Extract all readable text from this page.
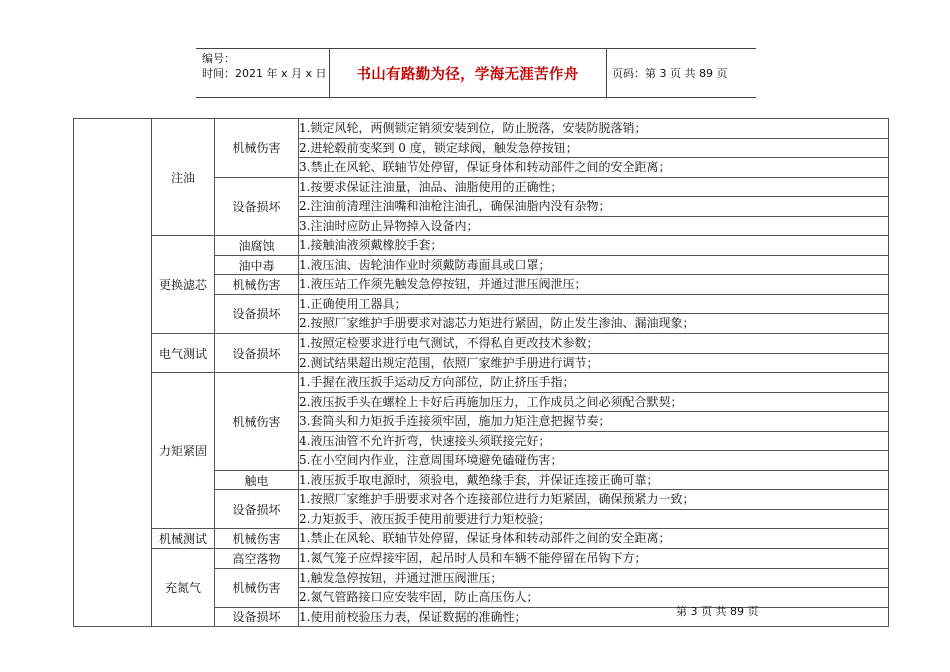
编号：
时间：2021 年 x 月 x 日	书山有路勤为径，学海无涯苦作舟	页码：第 3 页 共 89 页
	注油	机械伤害	1.锁定风轮，两侧锁定销须安装到位，防止脱落，安装防脱落销；

			2.进轮毂前变桨到 0 度，锁定球阀，触发急停按钮；

			3.禁止在风轮、联轴节处停留，保证身体和转动部件之间的安全距离；

		设备损坏	1.按要求保证注油量，油品、油脂使用的正确性；

			2.注油前清理注油嘴和油枪注油孔，确保油脂内没有杂物；

			3.注油时应防止异物掉入设备内；

	更换滤芯	油腐蚀	1.接触油液须戴橡胶手套；

		油中毒	1.液压油、齿轮油作业时须戴防毒面具或口罩；

		机械伤害	1.液压站工作须先触发急停按钮，并通过泄压阀泄压；

		设备损坏	1.正确使用工器具；

			2.按照厂家维护手册要求对滤芯力矩进行紧固，防止发生渗油、漏油现象；

	电气测试	设备损坏	1.按照定检要求进行电气测试，不得私自更改技术参数；

			2.测试结果超出规定范围，依照厂家维护手册进行调节；

	力矩紧固	机械伤害	1.手握在液压扳手运动反方向部位，防止挤压手指；

			2.液压扳手头在螺栓上卡好后再施加压力，工作成员之间必须配合默契；

			3.套筒头和力矩扳手连接须牢固，施加力矩注意把握节奏；

			4.液压油管不允许折弯，快速接头须联接完好；

			5.在小空间内作业，注意周围环境避免磕碰伤害；

		触电	1.液压扳手取电源时，须验电，戴绝缘手套，并保证连接正确可靠；

		设备损坏	1.按照厂家维护手册要求对各个连接部位进行力矩紧固，确保预紧力一致；

			2.力矩扳手、液压扳手使用前要进行力矩校验；

	机械测试	机械伤害	1.禁止在风轮、联轴节处停留，保证身体和转动部件之间的安全距离；

	充氮气	高空落物	1.氮气笼子应焊接牢固，起吊时人员和车辆不能停留在吊钩下方；

		机械伤害	1.触发急停按钮，并通过泄压阀泄压；

			2.氮气管路接口应安装牢固，防止高压伤人；

		设备损坏	1.使用前校验压力表，保证数据的准确性；	第 3 页 共 89 页
